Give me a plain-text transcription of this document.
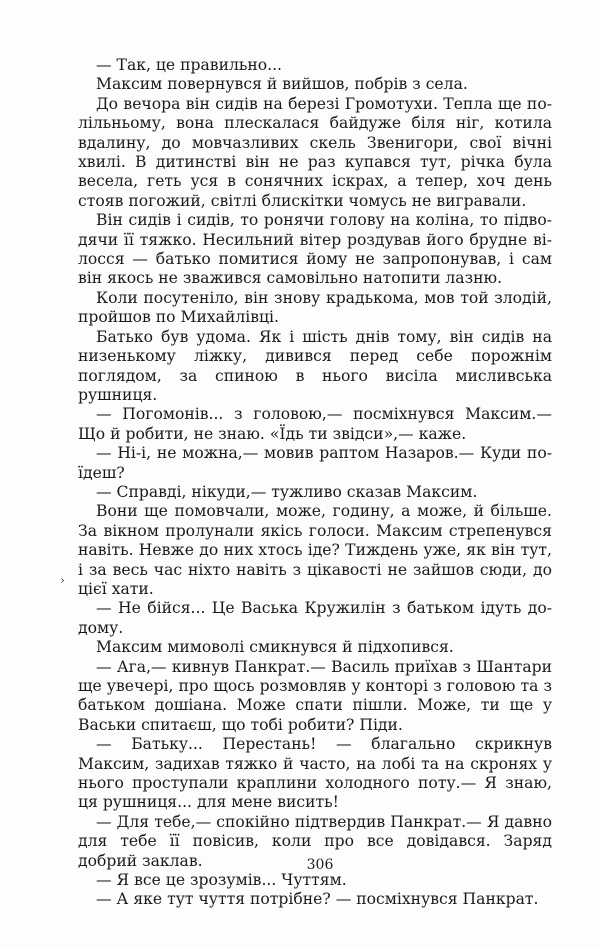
— Так, це правильно...

Максим повернувся й вийшов, побрів з села.

До вечора він сидів на березі Громотухи. Тепла ще полільньому, вона плескалася байдуже біля ніг, котила вдалину, до мовчазливих скель Звенигори, свої вічні хвилі. В дитинстві він не раз купався тут, річка була весела, геть уся в сонячних іскрах, а тепер, хоч день стояв погожий, світлі блискітки чомусь не вигравали.

Він сидів і сидів, то ронячи голову на коліна, то підводячи її тяжко. Несильний вітер роздував його брудне вілосся — батько помитися йому не запропонував, і сам він якось не зважився самовільно натопити лазню.

Коли посутеніло, він знову крадькома, мов той злодій, пройшов по Михайлівці.

Батько був удома. Як і шість днів тому, він сидів на низенькому ліжку, дивився перед себе порожнім поглядом, за спиною в нього висіла мисливська рушниця.

— Погомонів... з головою,— посміхнувся Максим.— Що й робити, не знаю. «Їдь ти звідси»,— каже.

— Ні-і, не можна,— мовив раптом Назаров.— Куди поїдеш?

— Справді, нікуди,— тужливо сказав Максим.

Вони ще помовчали, може, годину, а може, й більше. За вікном пролунали якісь голоси. Максим стрепенувся навіть. Невже до них хтось іде? Тиждень уже, як він тут, і за весь час ніхто навіть з цікавості не зайшов сюди, до цієї хати.

— Не бійся... Це Васька Кружилін з батьком ідуть додому.

Максим мимоволі смикнувся й підхопився.

— Ага,— кивнув Панкрат.— Василь приїхав з Шантари ще увечері, про щось розмовляв у конторі з головою та з батьком дошіана. Може спати пішли. Може, ти ще у Васьки спитаєш, що тобі робити? Піди.

— Батьку... Перестань! — благально скрикнув Максим, задихав тяжко й часто, на лобі та на скронях у нього проступали краплини холодного поту.— Я знаю, ця рушниця... для мене висить!

— Для тебе,— спокійно підтвердив Панкрат.— Я давно для тебе її повісив, коли про все довідався. Заряд добрий заклав.

— Я все це зрозумів... Чуттям.

— А яке тут чуття потрібне? — посміхнувся Панкрат.

›
306
